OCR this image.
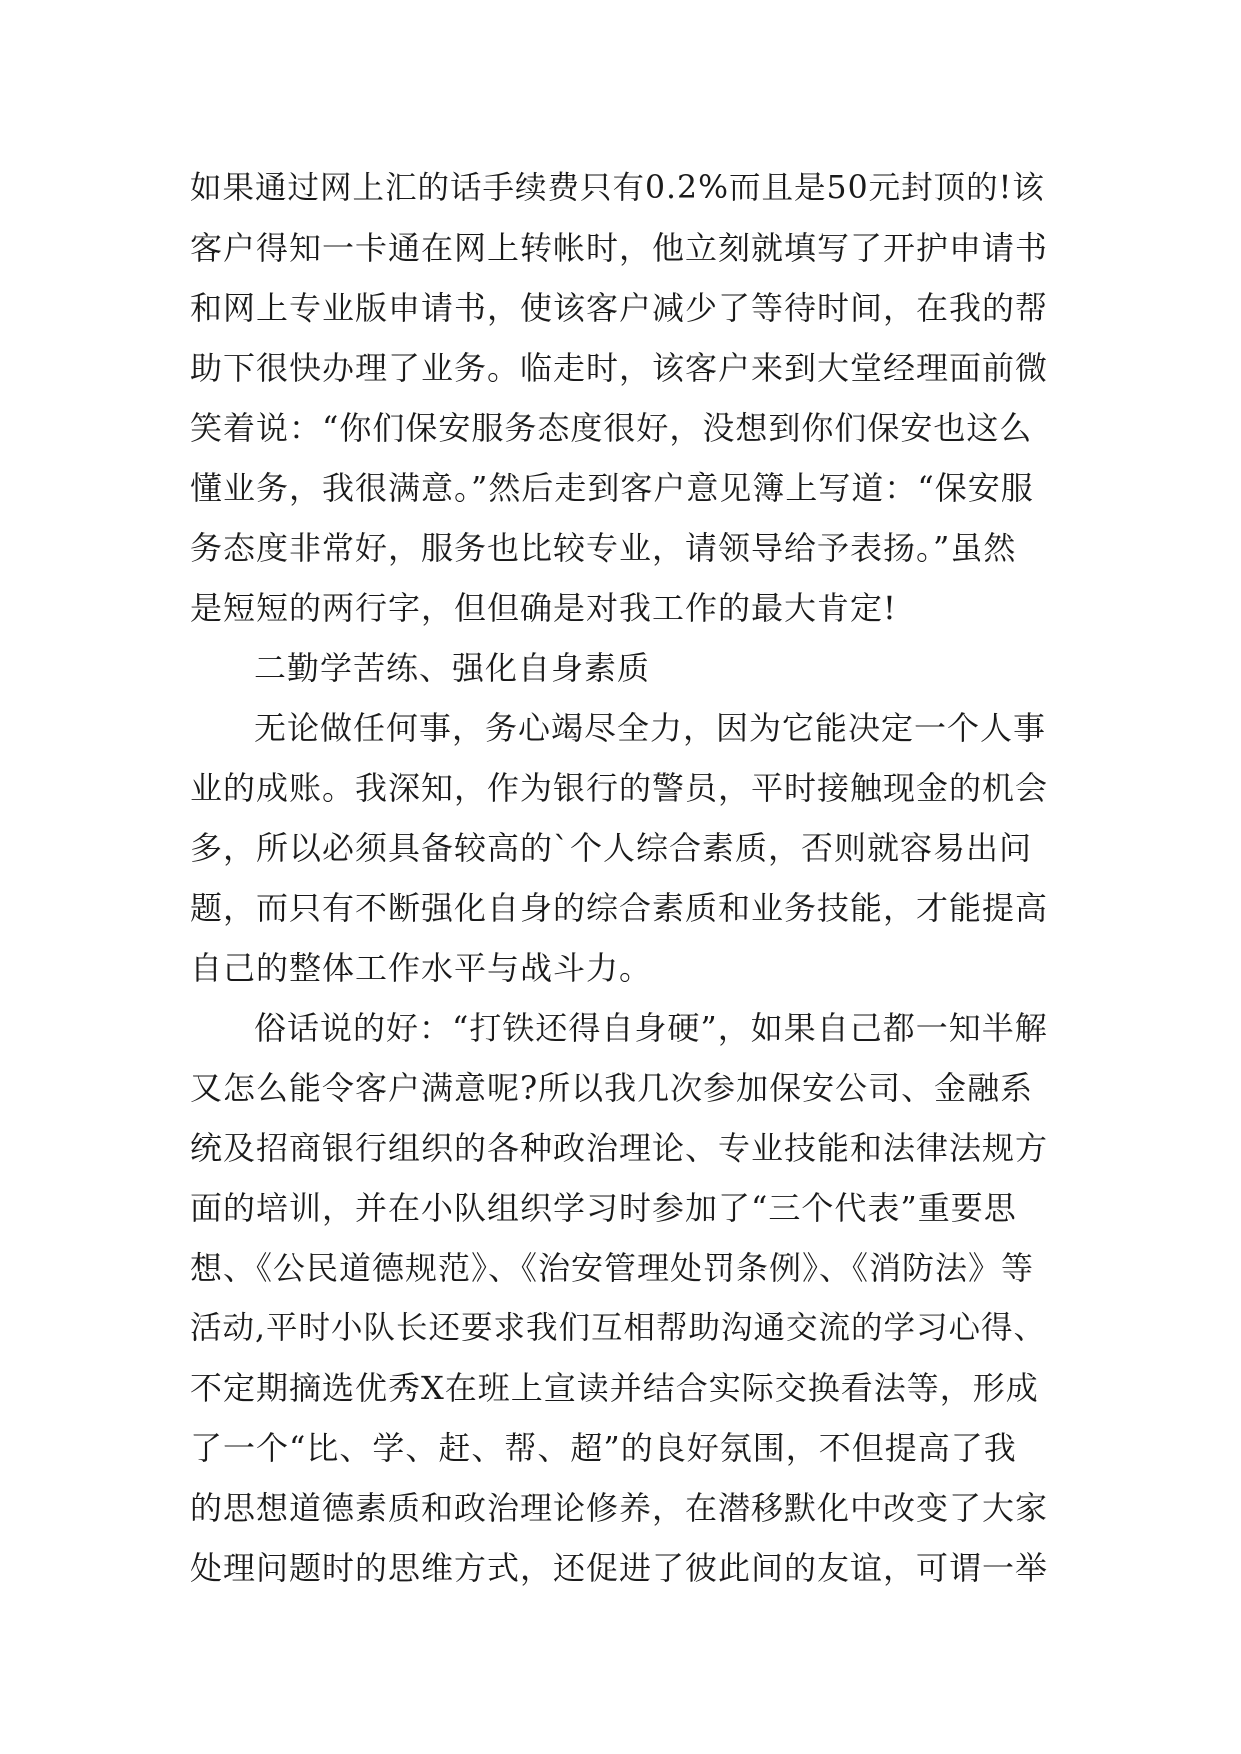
如果通过网上汇的话手续费只有0.2%而且是50元封顶的!该
客户得知一卡通在网上转帐时，他立刻就填写了开护申请书
和网上专业版申请书，使该客户减少了等待时间，在我的帮
助下很快办理了业务。临走时，该客户来到大堂经理面前微
笑着说：“你们保安服务态度很好，没想到你们保安也这么
懂业务，我很满意。”然后走到客户意见簿上写道：“保安服
务态度非常好，服务也比较专业，请领导给予表扬。”虽然
是短短的两行字，但但确是对我工作的最大肯定!
二勤学苦练、强化自身素质
无论做任何事，务心竭尽全力，因为它能决定一个人事
业的成账。我深知，作为银行的警员，平时接触现金的机会
多，所以必须具备较高的`个人综合素质，否则就容易出问
题，而只有不断强化自身的综合素质和业务技能，才能提高
自己的整体工作水平与战斗力。
俗话说的好：“打铁还得自身硬”，如果自己都一知半解
又怎么能令客户满意呢?所以我几次参加保安公司、金融系
统及招商银行组织的各种政治理论、专业技能和法律法规方
面的培训，并在小队组织学习时参加了“三个代表”重要思
想、《公民道德规范》、《治安管理处罚条例》、《消防法》等
活动,平时小队长还要求我们互相帮助沟通交流的学习心得、
不定期摘选优秀X在班上宣读并结合实际交换看法等，形成
了一个“比、学、赶、帮、超”的良好氛围，不但提高了我
的思想道德素质和政治理论修养，在潜移默化中改变了大家
处理问题时的思维方式，还促进了彼此间的友谊，可谓一举
